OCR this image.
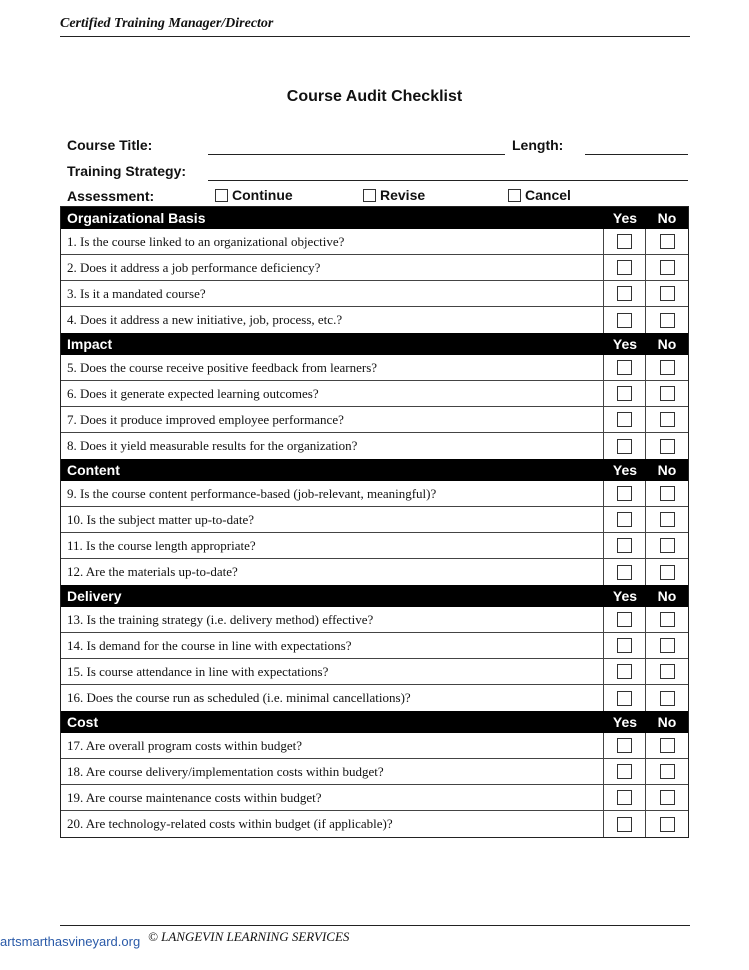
Certified Training Manager/Director
Course Audit Checklist
Course Title:	Length:
Training Strategy:
Assessment:	Continue	Revise	Cancel
Organizational Basis	Yes	No
1. Is the course linked to an organizational objective?
2. Does it address a job performance deficiency?
3. Is it a mandated course?
4. Does it address a new initiative, job, process, etc.?
Impact	Yes	No
5. Does the course receive positive feedback from learners?
6. Does it generate expected learning outcomes?
7. Does it produce improved employee performance?
8. Does it yield measurable results for the organization?
Content	Yes	No
9. Is the course content performance-based (job-relevant, meaningful)?
10. Is the subject matter up-to-date?
11. Is the course length appropriate?
12. Are the materials up-to-date?
Delivery	Yes	No
13. Is the training strategy (i.e. delivery method) effective?
14. Is demand for the course in line with expectations?
15. Is course attendance in line with expectations?
16. Does the course run as scheduled (i.e. minimal cancellations)?
Cost	Yes	No
17. Are overall program costs within budget?
18. Are course delivery/implementation costs within budget?
19. Are course maintenance costs within budget?
20. Are technology-related costs within budget (if applicable)?
© LANGEVIN LEARNING SERVICES
artsmarthasvineyard.org
